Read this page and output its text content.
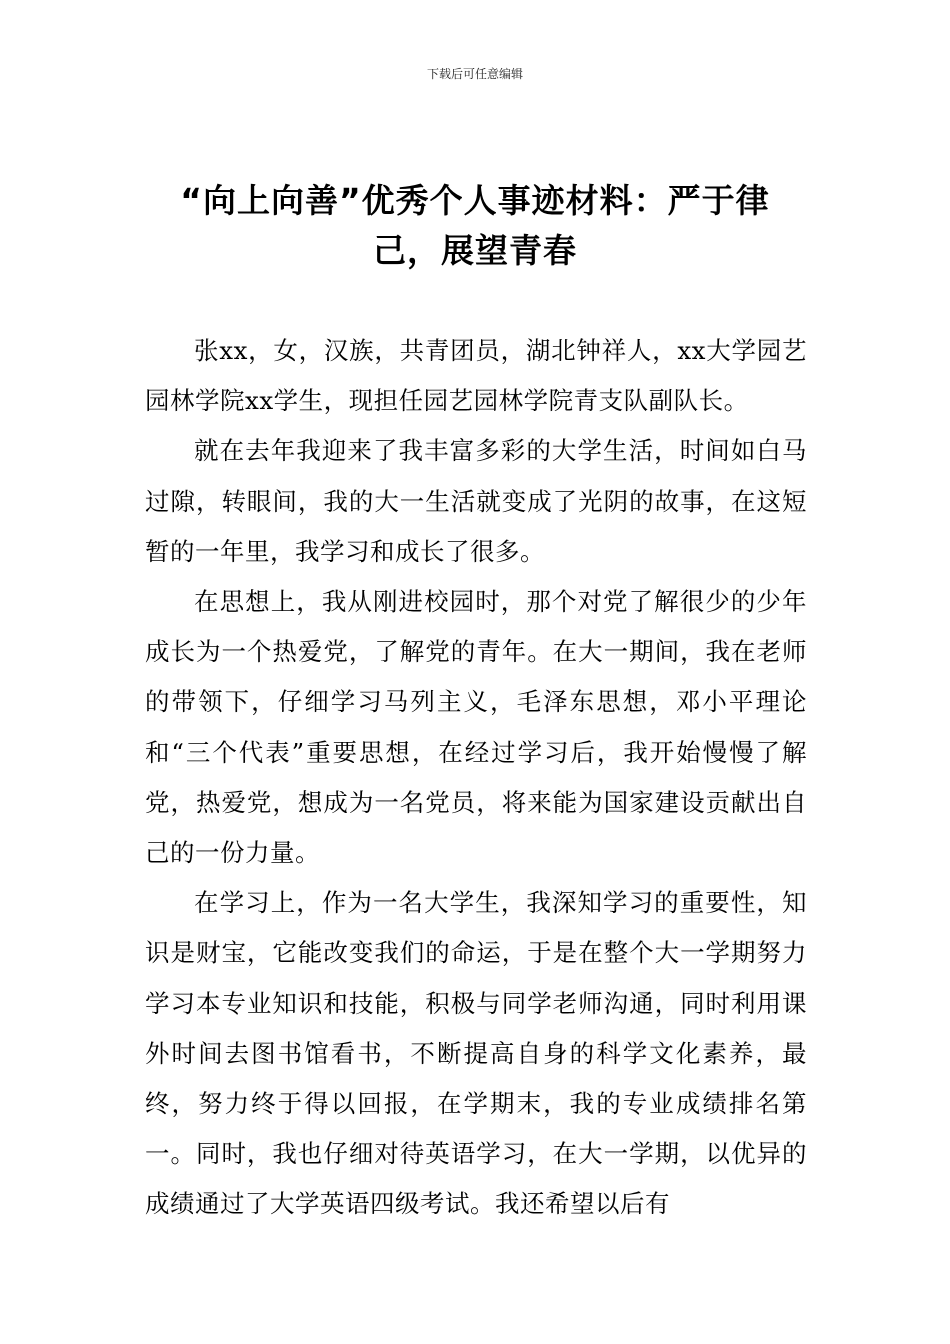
下载后可任意编辑
“向上向善”优秀个人事迹材料：严于律
己，展望青春

张xx，女，汉族，共青团员，湖北钟祥人，xx大学园艺园林学院xx学生，现担任园艺园林学院青支队副队长。

就在去年我迎来了我丰富多彩的大学生活，时间如白马过隙，转眼间，我的大一生活就变成了光阴的故事，在这短暂的一年里，我学习和成长了很多。

在思想上，我从刚进校园时，那个对党了解很少的少年成长为一个热爱党，了解党的青年。在大一期间，我在老师的带领下，仔细学习马列主义，毛泽东思想，邓小平理论和“三个代表”重要思想，在经过学习后，我开始慢慢了解党，热爱党，想成为一名党员，将来能为国家建设贡献出自己的一份力量。

在学习上，作为一名大学生，我深知学习的重要性，知识是财宝，它能改变我们的命运，于是在整个大一学期努力学习本专业知识和技能，积极与同学老师沟通，同时利用课外时间去图书馆看书，不断提高自身的科学文化素养，最终，努力终于得以回报，在学期末，我的专业成绩排名第一。同时，我也仔细对待英语学习，在大一学期，以优异的成绩通过了大学英语四级考试。我还希望以后有
